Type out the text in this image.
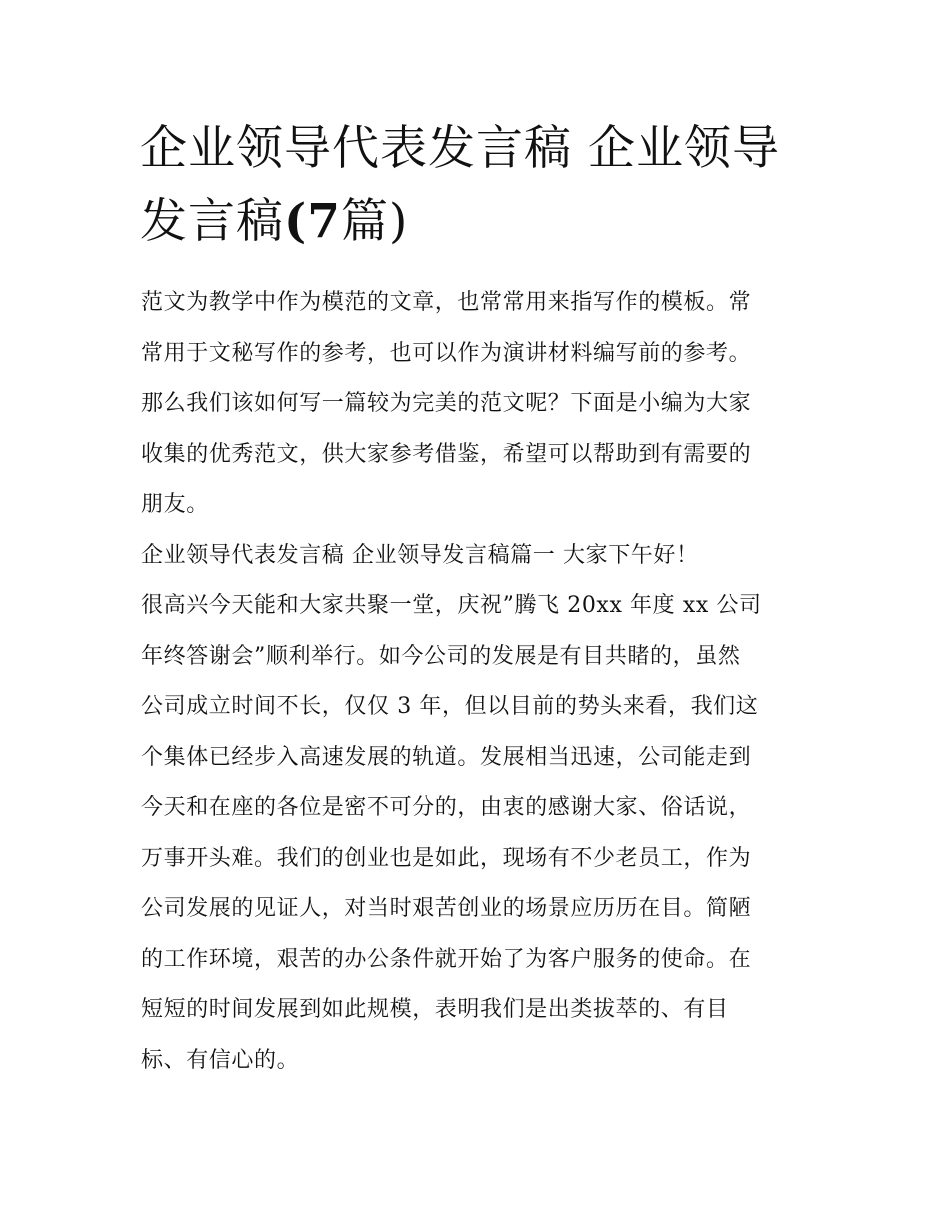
企业领导代表发言稿 企业领导
发言稿(7篇)
范文为教学中作为模范的文章，也常常用来指写作的模板。常
常用于文秘写作的参考，也可以作为演讲材料编写前的参考。
那么我们该如何写一篇较为完美的范文呢？下面是小编为大家
收集的优秀范文，供大家参考借鉴，希望可以帮助到有需要的
朋友。
企业领导代表发言稿 企业领导发言稿篇一 大家下午好！
很高兴今天能和大家共聚一堂，庆祝”腾飞 20xx 年度 xx 公司
年终答谢会”顺利举行。如今公司的发展是有目共睹的，虽然
公司成立时间不长，仅仅 3 年，但以目前的势头来看，我们这
个集体已经步入高速发展的轨道。发展相当迅速，公司能走到
今天和在座的各位是密不可分的，由衷的感谢大家、俗话说，
万事开头难。我们的创业也是如此，现场有不少老员工，作为
公司发展的见证人，对当时艰苦创业的场景应历历在目。简陋
的工作环境，艰苦的办公条件就开始了为客户服务的使命。在
短短的时间发展到如此规模，表明我们是出类拔萃的、有目
标、有信心的。
